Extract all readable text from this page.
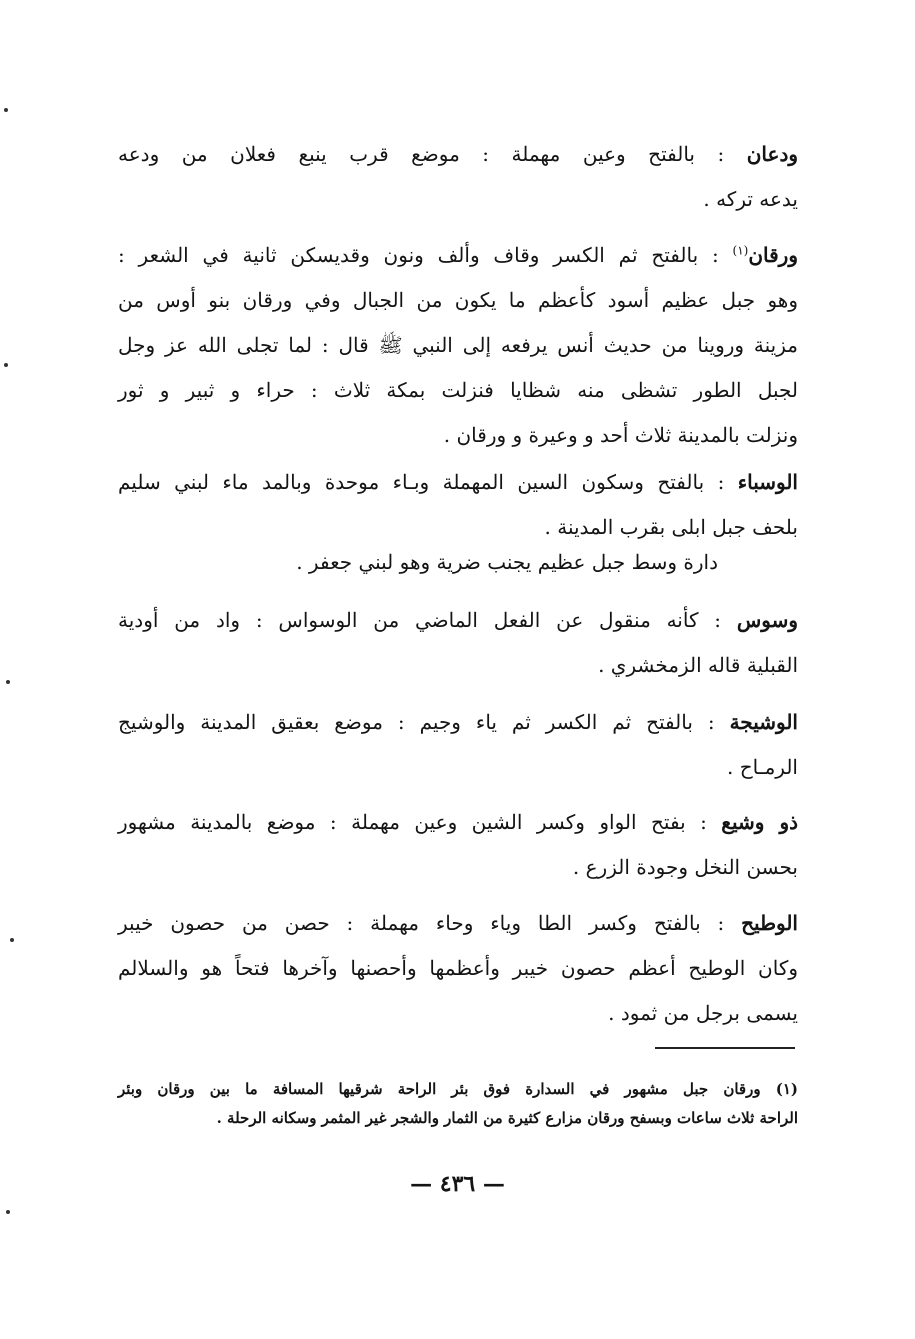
ودعان : بالفتح وعين مهملة : موضع قرب ينبع فعلان من ودعه
يدعه تركه .
ورقان$^{(١)}$ : بالفتح ثم الكسر وقاف وألف ونون وقديسكن ثانية في الشعر :
وهو جبل عظيم أسود كأعظم ما يكون من الجبال وفي ورقان بنو أوس من
مزينة وروينا من حديث أنس يرفعه إلى النبي ﷺ قال : لما تجلى الله عز وجل
لجبل الطور تشظى منه شظايا فنزلت بمكة ثلاث : حراء و ثبير و ثور
ونزلت بالمدينة ثلاث أحد و وعيرة و ورقان .
الوسباء : بالفتح وسكون السين المهملة وبـاء موحدة وبالمد ماء لبني سليم
بلحف جبل ابلى بقرب المدينة .
دارة وسط جبل عظيم يجنب ضرية وهو لبني جعفر .
وسوس : كأنه منقول عن الفعل الماضي من الوسواس : واد من أودية
القبلية قاله الزمخشري .
الوشيجة : بالفتح ثم الكسر ثم ياء وجيم : موضع بعقيق المدينة والوشيج
الرمـاح .
ذو وشيع : بفتح الواو وكسر الشين وعين مهملة : موضع بالمدينة مشهور
بحسن النخل وجودة الزرع .
الوطيح : بالفتح وكسر الطا وياء وحاء مهملة : حصن من حصون خيبر
وكان الوطيح أعظم حصون خيبر وأعظمها وأحصنها وآخرها فتحاً هو والسلالم
يسمى برجل من ثمود .
(١) ورقان جبل مشهور في السدارة فوق بئر الراحة شرقيها المسافة ما بين ورقان وبئر
الراحة ثلاث ساعات وبسفح ورقان مزارع كثيرة من الثمار والشجر غير المثمر وسكانه الرحلة .
— ٤٣٦ —
